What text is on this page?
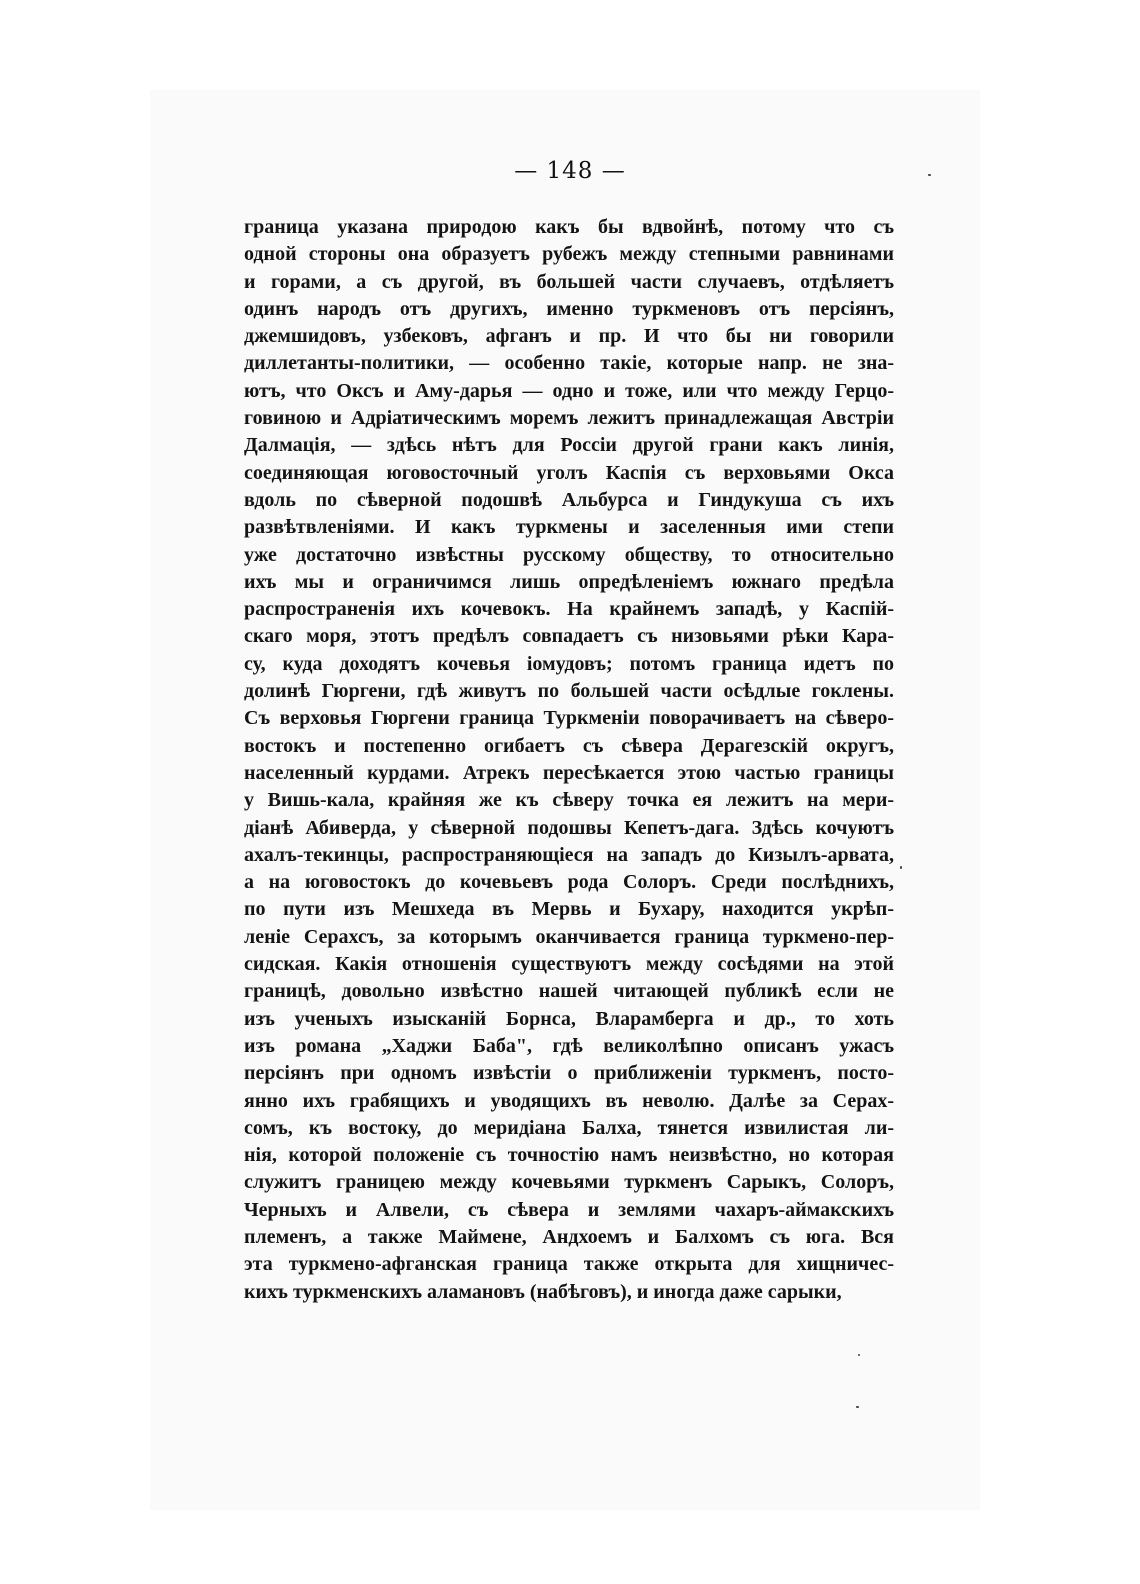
— 148 —
граница указана природою какъ бы вдвойнѣ, потому что съ
одной стороны она образуетъ рубежъ между степными равнинами
и горами, а съ другой, въ большей части случаевъ, отдѣляетъ
одинъ народъ отъ другихъ, именно туркменовъ отъ персіянъ,
джемшидовъ, узбековъ, афганъ и пр. И что бы ни говорили
диллетанты-политики, — особенно такіе, которые напр. не зна-
ютъ, что Оксъ и Аму-дарья — одно и тоже, или что между Герцо-
говиною и Адріатическимъ моремъ лежитъ принадлежащая Австріи
Далмація, — здѣсь нѣтъ для Россіи другой грани какъ линія,
соединяющая юговосточный уголъ Каспія съ верховьями Окса
вдоль по сѣверной подошвѣ Альбурса и Гиндукуша съ ихъ
развѣтвленіями. И какъ туркмены и заселенныя ими степи
уже достаточно извѣстны русскому обществу, то относительно
ихъ мы и ограничимся лишь опредѣленіемъ южнаго предѣла
распространенія ихъ кочевокъ. На крайнемъ западѣ, у Каспій-
скаго моря, этотъ предѣлъ совпадаетъ съ низовьями рѣки Кара-
су, куда доходятъ кочевья іомудовъ; потомъ граница идетъ по
долинѣ Гюргени, гдѣ живутъ по большей части осѣдлые гоклены.
Съ верховья Гюргени граница Туркменіи поворачиваетъ на сѣверо-
востокъ и постепенно огибаетъ съ сѣвера Дерагезскій округъ,
населенный курдами. Атрекъ пересѣкается этою частью границы
у Вишь-кала, крайняя же къ сѣверу точка ея лежитъ на мери-
діанѣ Абиверда, у сѣверной подошвы Кепетъ-дага. Здѣсь кочуютъ
ахалъ-текинцы, распространяющіеся на западъ до Кизылъ-арвата,
а на юговостокъ до кочевьевъ рода Солоръ. Среди послѣднихъ,
по пути изъ Мешхеда въ Мервь и Бухару, находится укрѣп-
леніе Серахсъ, за которымъ оканчивается граница туркмено-пер-
сидская. Какія отношенія существуютъ между сосѣдями на этой
границѣ, довольно извѣстно нашей читающей публикѣ если не
изъ ученыхъ изысканій Борнса, Вларамберга и др., то хоть
изъ романа „Хаджи Баба", гдѣ великолѣпно описанъ ужасъ
персіянъ при одномъ извѣстіи о приближеніи туркменъ, посто-
янно ихъ грабящихъ и уводящихъ въ неволю. Далѣе за Серах-
сомъ, къ востоку, до меридіана Балха, тянется извилистая ли-
нія, которой положеніе съ точностію намъ неизвѣстно, но которая
служитъ границею между кочевьями туркменъ Сарыкъ, Солоръ,
Черныхъ и Алвели, съ сѣвера и землями чахаръ-аймакскихъ
племенъ, а также Маймене, Андхоемъ и Балхомъ съ юга. Вся
эта туркмено-афганская граница также открыта для хищничес-
кихъ туркменскихъ аламановъ (набѣговъ), и иногда даже сарыки,
